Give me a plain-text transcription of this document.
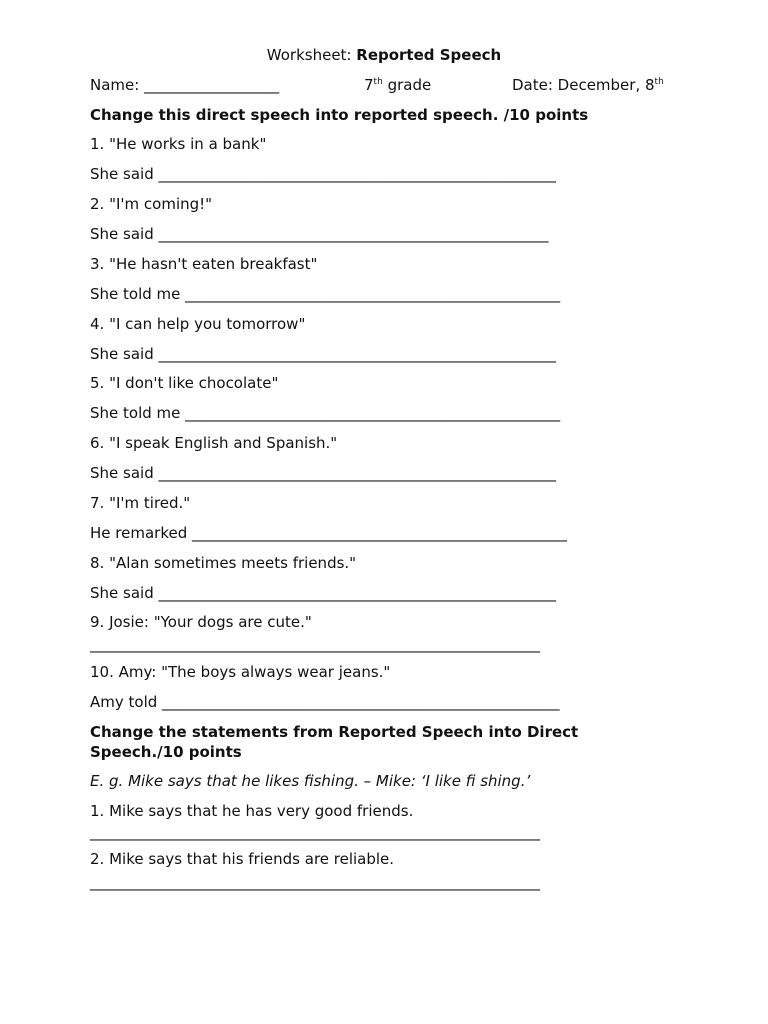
Worksheet: Reported Speech
Name: __________________	7th grade	Date: December, 8th
Change this direct speech into reported speech. /10 points
1. "He works in a bank"
She said _____________________________________________________
2. "I'm coming!"
She said ____________________________________________________
3. "He hasn't eaten breakfast"
She told me __________________________________________________
4. "I can help you tomorrow"
She said _____________________________________________________
5. "I don't like chocolate"
She told me __________________________________________________
6. "I speak English and Spanish."
She said _____________________________________________________
7. "I'm tired."
He remarked __________________________________________________
8. "Alan sometimes meets friends."
She said _____________________________________________________
9. Josie: "Your dogs are cute."
____________________________________________________________
10. Amy: "The boys always wear jeans."
Amy told _____________________________________________________
Change the statements from Reported Speech into Direct Speech./10 points
E. g. Mike says that he likes fishing. – Mike: ‘I like fi shing.’
1. Mike says that he has very good friends.
____________________________________________________________
2. Mike says that his friends are reliable.
____________________________________________________________
